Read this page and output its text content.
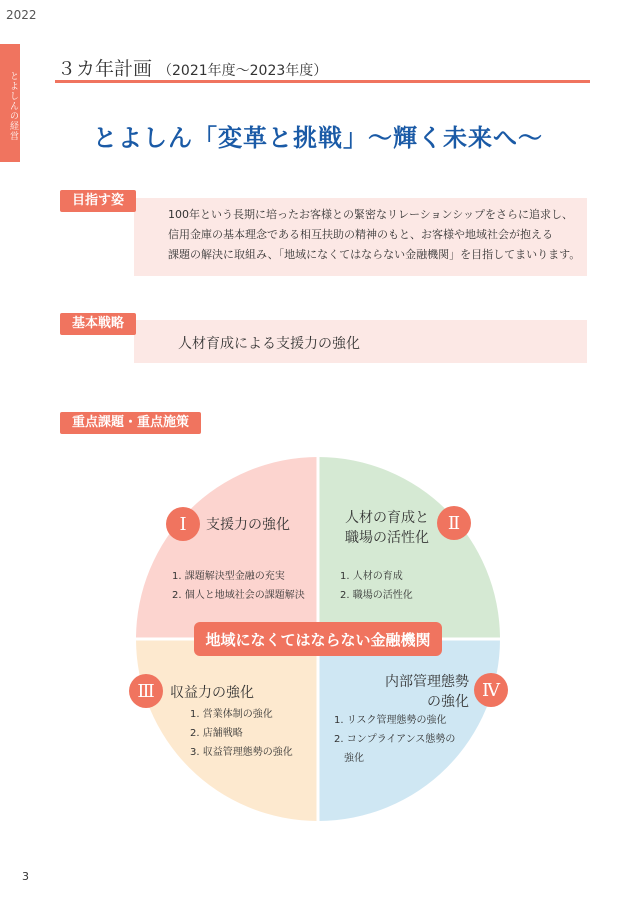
2022
とよしんの経営
３カ年計画 （2021年度〜2023年度）
とよしん「変革と挑戦」〜輝く未来へ〜
目指す姿
100年という長期に培ったお客様との緊密なリレーションシップをさらに追求し、
信用金庫の基本理念である相互扶助の精神のもと、お客様や地域社会が抱える
課題の解決に取組み、「地域になくてはならない金融機関」を目指してまいります。
基本戦略
人材育成による支援力の強化
重点課題・重点施策
Ⅰ	支援力の強化
1. 課題解決型金融の充実
2. 個人と地域社会の課題解決
人材の育成と
職場の活性化
Ⅱ
1. 人材の育成
2. 職場の活性化
Ⅲ	収益力の強化
1. 営業体制の強化
2. 店舗戦略
3. 収益管理態勢の強化
内部管理態勢
の強化
Ⅳ
1. リスク管理態勢の強化
2. コンプライアンス態勢の
強化
地域になくてはならない金融機関
3
